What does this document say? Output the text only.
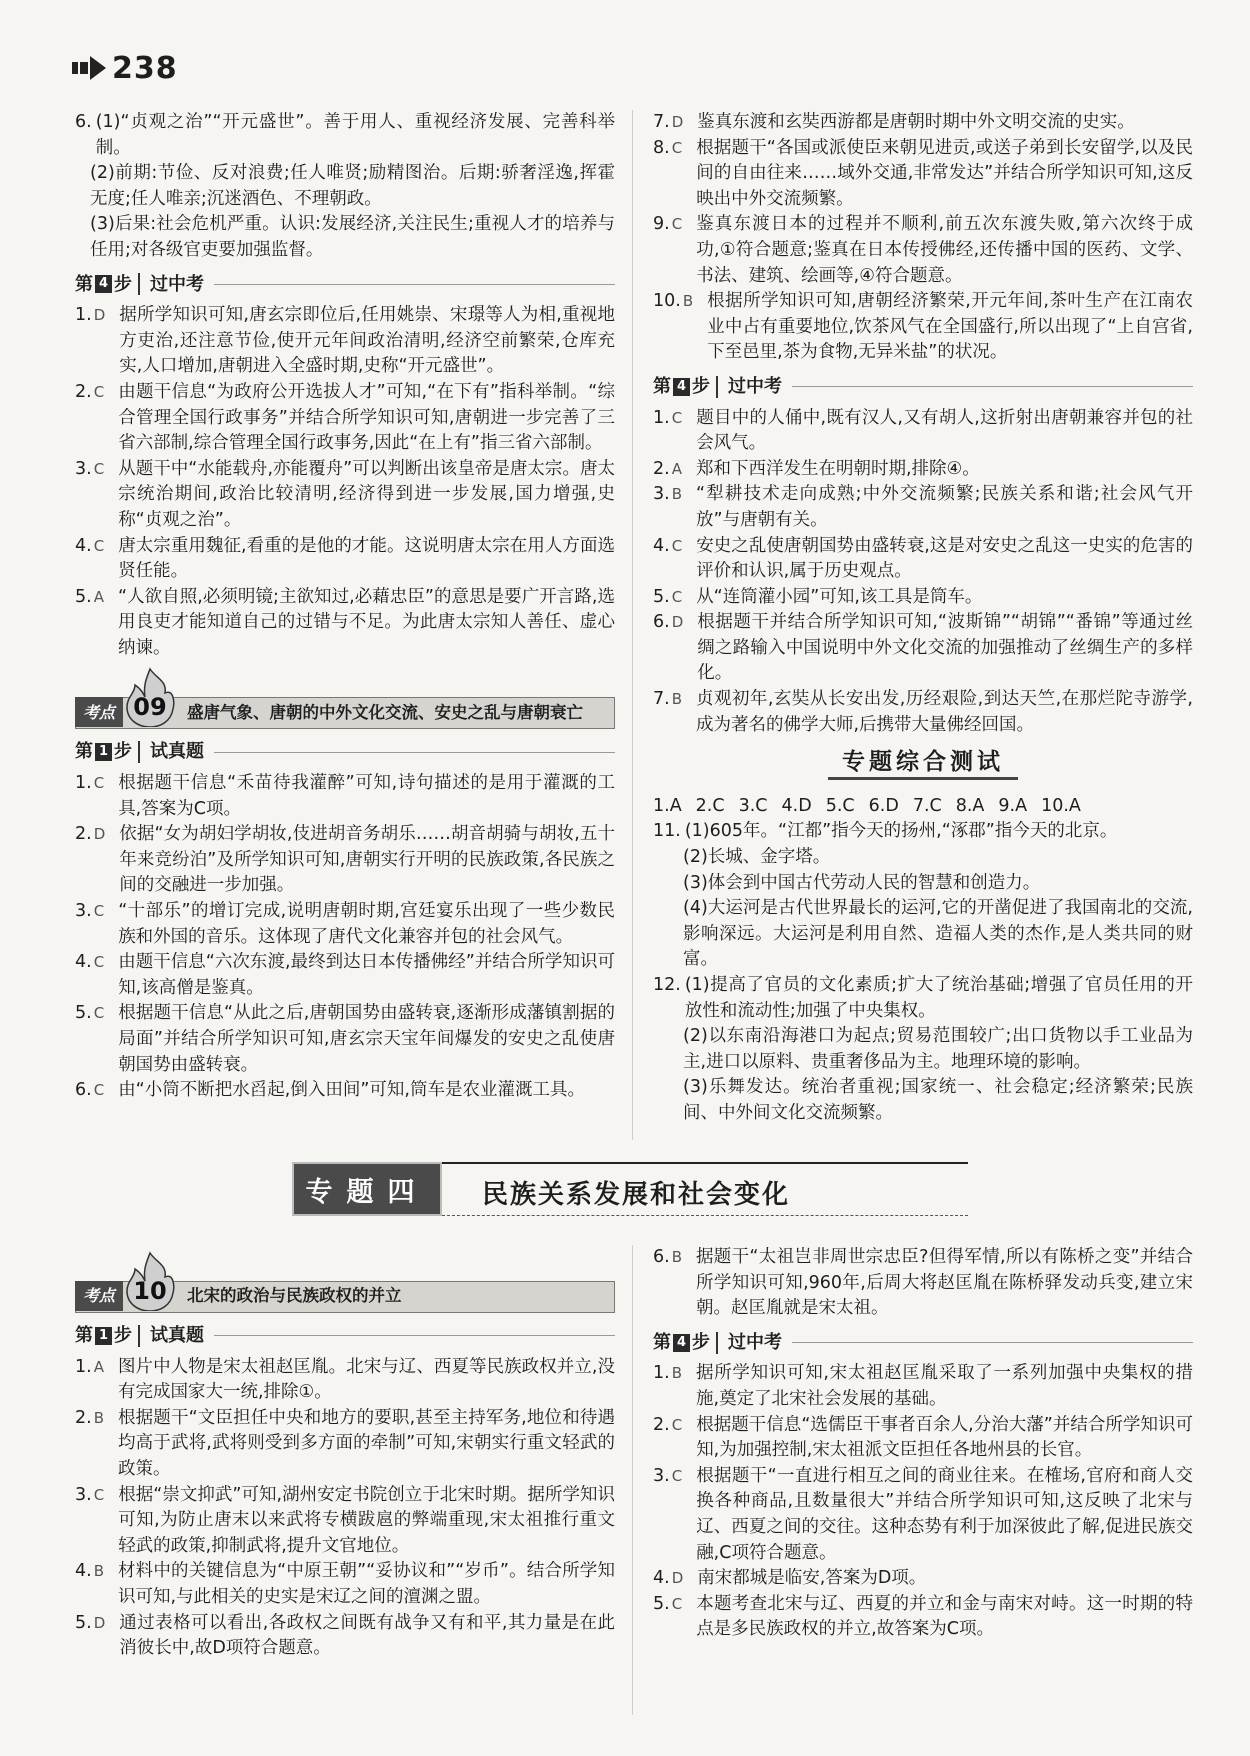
238
6. (1)“贞观之治”“开元盛世”。善于用人、重视经济发展、完善科举制。
(2)前期:节俭、反对浪费;任人唯贤;励精图治。后期:骄奢淫逸,挥霍无度;任人唯亲;沉迷酒色、不理朝政。
(3)后果:社会危机严重。认识:发展经济,关注民生;重视人才的培养与任用;对各级官吏要加强监督。
第 4 步 过中考
1. D 据所学知识可知,唐玄宗即位后,任用姚崇、宋璟等人为相,重视地方吏治,还注意节俭,使开元年间政治清明,经济空前繁荣,仓库充实,人口增加,唐朝进入全盛时期,史称“开元盛世”。
2. C 由题干信息“为政府公开选拔人才”可知,“在下有”指科举制。“综合管理全国行政事务”并结合所学知识可知,唐朝进一步完善了三省六部制,综合管理全国行政事务,因此“在上有”指三省六部制。
3. C 从题干中“水能载舟,亦能覆舟”可以判断出该皇帝是唐太宗。唐太宗统治期间,政治比较清明,经济得到进一步发展,国力增强,史称“贞观之治”。
4. C 唐太宗重用魏征,看重的是他的才能。这说明唐太宗在用人方面选贤任能。
5. A “人欲自照,必须明镜;主欲知过,必藉忠臣”的意思是要广开言路,选用良吏才能知道自己的过错与不足。为此唐太宗知人善任、虚心纳谏。
考点 09	盛唐气象、唐朝的中外文化交流、安史之乱与唐朝衰亡
第 1 步 试真题
1. C 根据题干信息“禾苗待我灌醉”可知,诗句描述的是用于灌溉的工具,答案为C项。
2. D 依据“女为胡妇学胡妆,伎进胡音务胡乐……胡音胡骑与胡妆,五十年来竞纷泊”及所学知识可知,唐朝实行开明的民族政策,各民族之间的交融进一步加强。
3. C “十部乐”的增订完成,说明唐朝时期,宫廷宴乐出现了一些少数民族和外国的音乐。这体现了唐代文化兼容并包的社会风气。
4. C 由题干信息“六次东渡,最终到达日本传播佛经”并结合所学知识可知,该高僧是鉴真。
5. C 根据题干信息“从此之后,唐朝国势由盛转衰,逐渐形成藩镇割据的局面”并结合所学知识可知,唐玄宗天宝年间爆发的安史之乱使唐朝国势由盛转衰。
6. C 由“小筒不断把水舀起,倒入田间”可知,筒车是农业灌溉工具。
7. D 鉴真东渡和玄奘西游都是唐朝时期中外文明交流的史实。
8. C 根据题干“各国或派使臣来朝见进贡,或送子弟到长安留学,以及民间的自由往来……域外交通,非常发达”并结合所学知识可知,这反映出中外交流频繁。
9. C 鉴真东渡日本的过程并不顺利,前五次东渡失败,第六次终于成功,①符合题意;鉴真在日本传授佛经,还传播中国的医药、文学、书法、建筑、绘画等,④符合题意。
10. B 根据所学知识可知,唐朝经济繁荣,开元年间,茶叶生产在江南农业中占有重要地位,饮茶风气在全国盛行,所以出现了“上自宫省,下至邑里,茶为食物,无异米盐”的状况。
第 4 步 过中考
1. C 题目中的人俑中,既有汉人,又有胡人,这折射出唐朝兼容并包的社会风气。
2. A 郑和下西洋发生在明朝时期,排除④。
3. B “犁耕技术走向成熟;中外交流频繁;民族关系和谐;社会风气开放”与唐朝有关。
4. C 安史之乱使唐朝国势由盛转衰,这是对安史之乱这一史实的危害的评价和认识,属于历史观点。
5. C 从“连筒灌小园”可知,该工具是筒车。
6. D 根据题干并结合所学知识可知,“波斯锦”“胡锦”“番锦”等通过丝绸之路输入中国说明中外文化交流的加强推动了丝绸生产的多样化。
7. B 贞观初年,玄奘从长安出发,历经艰险,到达天竺,在那烂陀寺游学,成为著名的佛学大师,后携带大量佛经回国。
专题综合测试
1.A 2.C 3.C 4.D 5.C 6.D 7.C 8.A 9.A 10.A
11. (1)605年。“江都”指今天的扬州,“涿郡”指今天的北京。
(2)长城、金字塔。
(3)体会到中国古代劳动人民的智慧和创造力。
(4)大运河是古代世界最长的运河,它的开凿促进了我国南北的交流,影响深远。大运河是利用自然、造福人类的杰作,是人类共同的财富。
12. (1)提高了官员的文化素质;扩大了统治基础;增强了官员任用的开放性和流动性;加强了中央集权。
(2)以东南沿海港口为起点;贸易范围较广;出口货物以手工业品为主,进口以原料、贵重奢侈品为主。地理环境的影响。
(3)乐舞发达。统治者重视;国家统一、社会稳定;经济繁荣;民族间、中外间文化交流频繁。
专题四	民族关系发展和社会变化
考点 10	北宋的政治与民族政权的并立
第 1 步 试真题
1. A 图片中人物是宋太祖赵匡胤。北宋与辽、西夏等民族政权并立,没有完成国家大一统,排除①。
2. B 根据题干“文臣担任中央和地方的要职,甚至主持军务,地位和待遇均高于武将,武将则受到多方面的牵制”可知,宋朝实行重文轻武的政策。
3. C 根据“崇文抑武”可知,湖州安定书院创立于北宋时期。据所学知识可知,为防止唐末以来武将专横跋扈的弊端重现,宋太祖推行重文轻武的政策,抑制武将,提升文官地位。
4. B 材料中的关键信息为“中原王朝”“妥协议和”“岁币”。结合所学知识可知,与此相关的史实是宋辽之间的澶渊之盟。
5. D 通过表格可以看出,各政权之间既有战争又有和平,其力量是在此消彼长中,故D项符合题意。
6. B 据题干“太祖岂非周世宗忠臣?但得军情,所以有陈桥之变”并结合所学知识可知,960年,后周大将赵匡胤在陈桥驿发动兵变,建立宋朝。赵匡胤就是宋太祖。
第 4 步 过中考
1. B 据所学知识可知,宋太祖赵匡胤采取了一系列加强中央集权的措施,奠定了北宋社会发展的基础。
2. C 根据题干信息“选儒臣干事者百余人,分治大藩”并结合所学知识可知,为加强控制,宋太祖派文臣担任各地州县的长官。
3. C 根据题干“一直进行相互之间的商业往来。在榷场,官府和商人交换各种商品,且数量很大”并结合所学知识可知,这反映了北宋与辽、西夏之间的交往。这种态势有利于加深彼此了解,促进民族交融,C项符合题意。
4. D 南宋都城是临安,答案为D项。
5. C 本题考查北宋与辽、西夏的并立和金与南宋对峙。这一时期的特点是多民族政权的并立,故答案为C项。
